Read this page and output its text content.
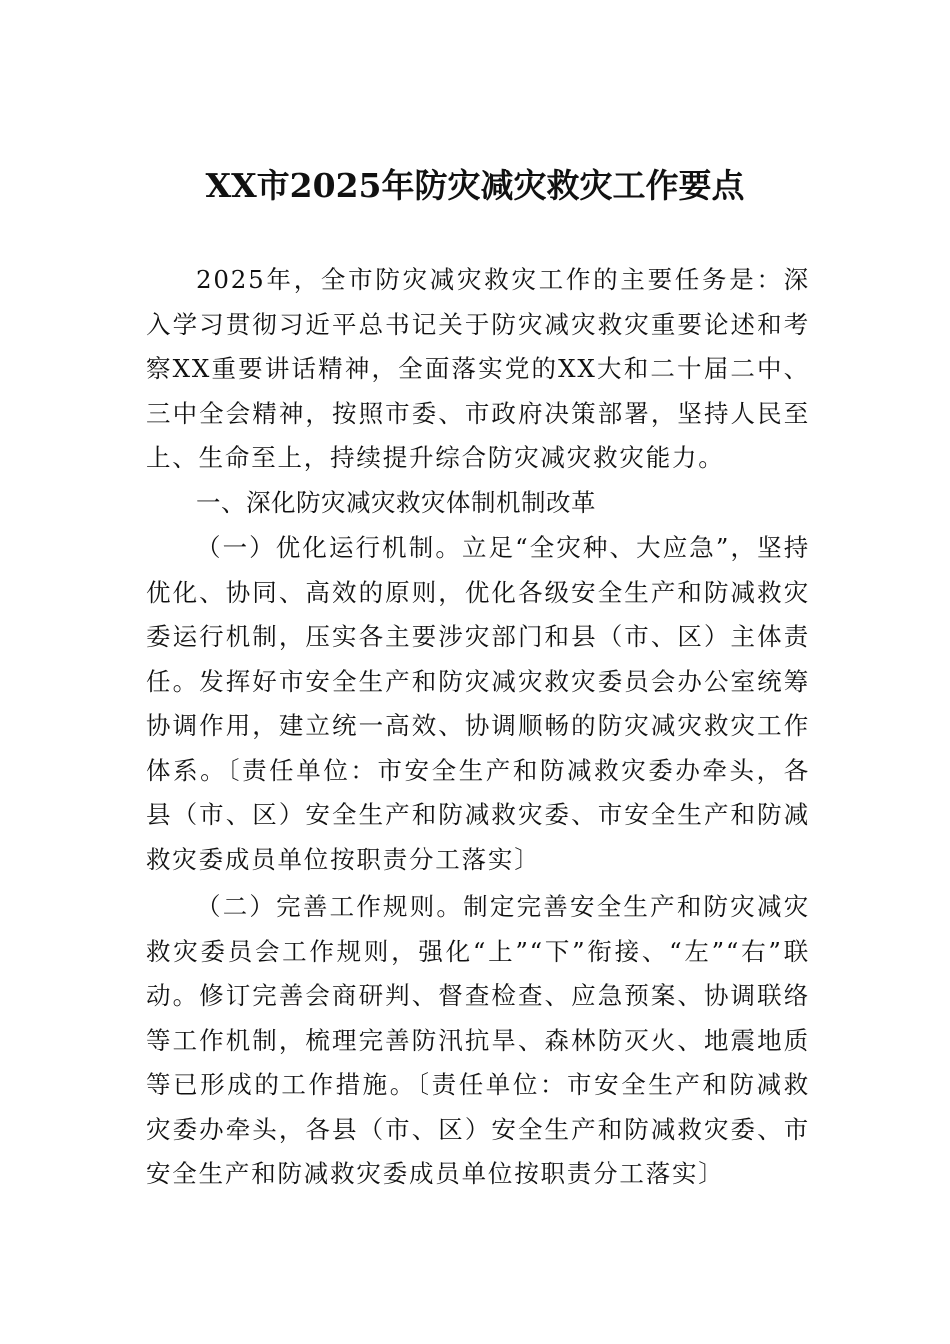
XX市2025年防灾减灾救灾工作要点

2025年，全市防灾减灾救灾工作的主要任务是：深入学习贯彻习近平总书记关于防灾减灾救灾重要论述和考察XX重要讲话精神，全面落实党的XX大和二十届二中、三中全会精神，按照市委、市政府决策部署，坚持人民至上、生命至上，持续提升综合防灾减灾救灾能力。

一、深化防灾减灾救灾体制机制改革

（一）优化运行机制。立足“全灾种、大应急”，坚持优化、协同、高效的原则，优化各级安全生产和防减救灾委运行机制，压实各主要涉灾部门和县（市、区）主体责任。发挥好市安全生产和防灾减灾救灾委员会办公室统筹协调作用，建立统一高效、协调顺畅的防灾减灾救灾工作体系。〔责任单位：市安全生产和防减救灾委办牵头，各县（市、区）安全生产和防减救灾委、市安全生产和防减救灾委成员单位按职责分工落实〕

（二）完善工作规则。制定完善安全生产和防灾减灾救灾委员会工作规则，强化“上”“下”衔接、“左”“右”联动。修订完善会商研判、督查检查、应急预案、协调联络等工作机制，梳理完善防汛抗旱、森林防灭火、地震地质等已形成的工作措施。〔责任单位：市安全生产和防减救灾委办牵头，各县（市、区）安全生产和防减救灾委、市安全生产和防减救灾委成员单位按职责分工落实〕
